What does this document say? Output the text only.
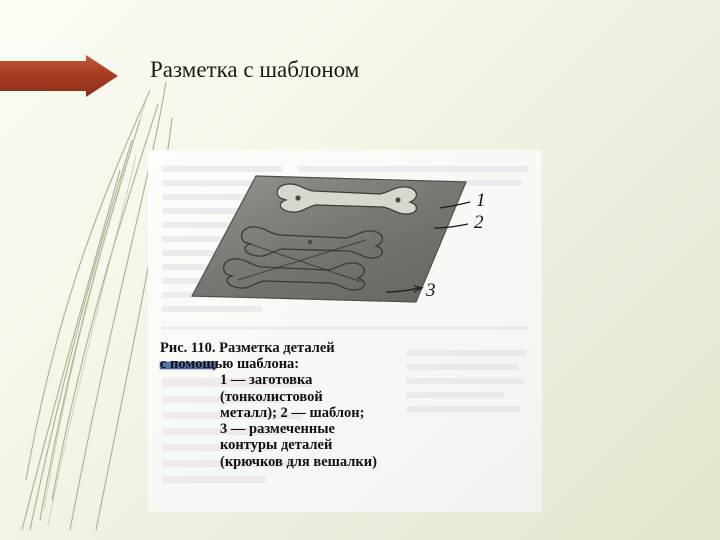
Разметка с шаблоном
1
2
3
Рис. 110. Разметка деталей
с помощью шаблона:
1 — заготовка
(тонколистовой
металл); 2 — шаблон;
3 — размеченные
контуры деталей
(крючков для вешалки)
